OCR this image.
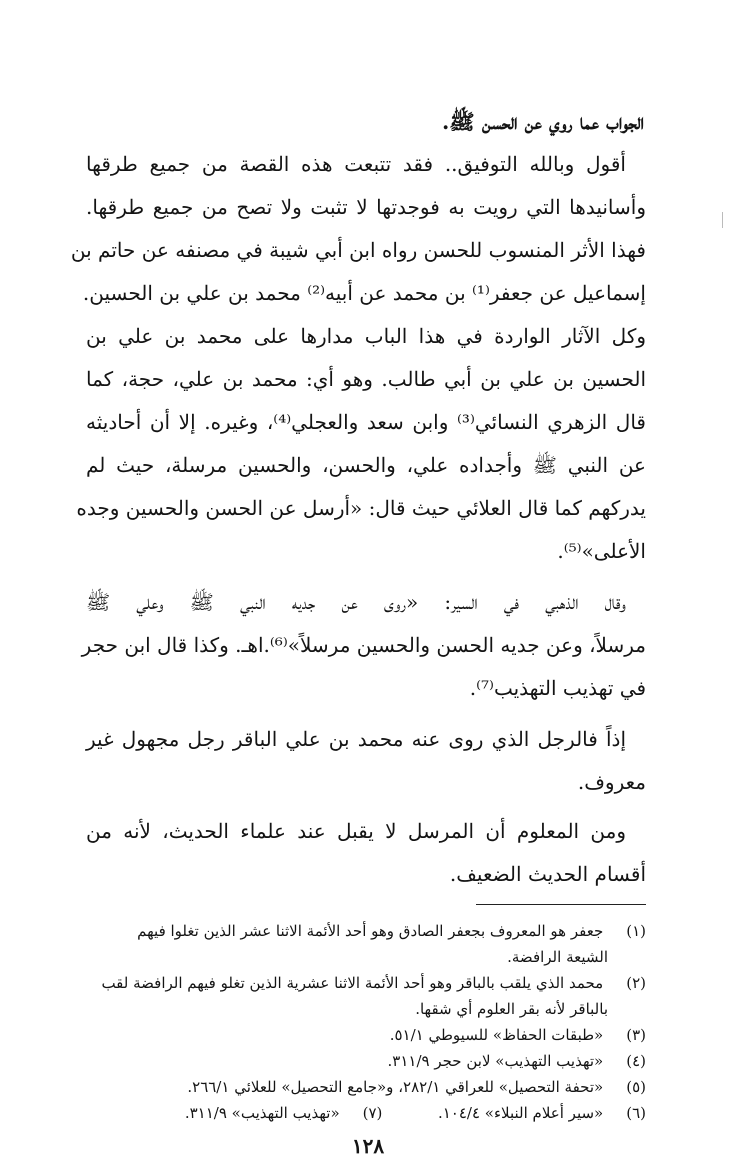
الجواب عما روي عن الحسن ﷺ.
أقول وبالله التوفيق.. فقد تتبعت هذه القصة من جميع طرقها
وأسانيدها التي رويت به فوجدتها لا تثبت ولا تصح من جميع طرقها.
فهذا الأثر المنسوب للحسن رواه ابن أبي شيبة في مصنفه عن حاتم بن
إسماعيل عن جعفر⁽¹⁾ بن محمد عن أبيه⁽²⁾ محمد بن علي بن الحسين.
وكل الآثار الواردة في هذا الباب مدارها على محمد بن علي بن
الحسين بن علي بن أبي طالب. وهو أي: محمد بن علي، حجة، كما
قال الزهري النسائي⁽³⁾ وابن سعد والعجلي⁽⁴⁾، وغيره. إلا أن أحاديثه
عن النبي ﷺ وأجداده علي، والحسن، والحسين مرسلة، حيث لم
يدركهم كما قال العلائي حيث قال: «أرسل عن الحسن والحسين وجده
الأعلى»⁽⁵⁾.
وقال الذهبي في السير: «روى عن جديه النبي ﷺ وعلي ﷺ
مرسلاً، وعن جديه الحسن والحسين مرسلاً»⁽⁶⁾.اهـ. وكذا قال ابن حجر
في تهذيب التهذيب⁽⁷⁾.
إذاً فالرجل الذي روى عنه محمد بن علي الباقر رجل مجهول غير
معروف.
ومن المعلوم أن المرسل لا يقبل عند علماء الحديث، لأنه من
أقسام الحديث الضعيف.
(١) جعفر هو المعروف بجعفر الصادق وهو أحد الأئمة الاثنا عشر الذين تغلوا فيهم
الشيعة الرافضة.
(٢) محمد الذي يلقب بالباقر وهو أحد الأئمة الاثنا عشرية الذين تغلو فيهم الرافضة لقب
بالباقر لأنه بقر العلوم أي شقها.
(٣) «طبقات الحفاظ» للسيوطي ٥١/١.
(٤) «تهذيب التهذيب» لابن حجر ٣١١/٩.
(٥) «تحفة التحصيل» للعراقي ٢٨٢/١، و«جامع التحصيل» للعلائي ٢٦٦/١.
(٦) «سير أعلام النبلاء» ١٠٤/٤.  (٧) «تهذيب التهذيب» ٣١١/٩.
١٢٨
